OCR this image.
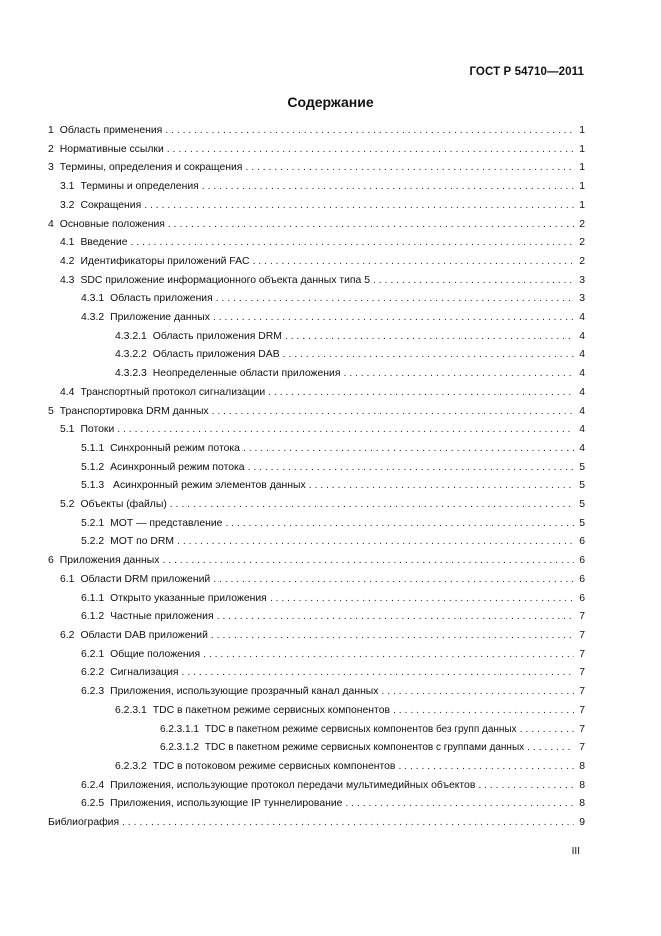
ГОСТ Р 54710—2011
Содержание
1 Область применения . . .	1
2 Нормативные ссылки . . .	1
3 Термины, определения и сокращения . . .	1
3.1 Термины и определения . . .	1
3.2 Сокращения . . .	1
4 Основные положения . . .	2
4.1 Введение . . .	2
4.2 Идентификаторы приложений FAC . . .	2
4.3 SDC приложение информационного объекта данных типа 5 . . .	3
4.3.1 Область приложения . . .	3
4.3.2 Приложение данных . . .	4
4.3.2.1 Область приложения DRM . . .	4
4.3.2.2 Область приложения DAB . . .	4
4.3.2.3 Неопределенные области приложения . . .	4
4.4 Транспортный протокол сигнализации . . .	4
5 Транспортировка DRM данных . . .	4
5.1 Потоки . . .	4
5.1.1 Синхронный режим потока . . .	4
5.1.2 Асинхронный режим потока . . .	5
5.1.3 Асинхронный режим элементов данных . . .	5
5.2 Объекты (файлы) . . .	5
5.2.1 МОТ — представление . . .	5
5.2.2 МОТ по DRM . . .	6
6 Приложения данных . . .	6
6.1 Области DRM приложений . . .	6
6.1.1 Открыто указанные приложения . . .	6
6.1.2 Частные приложения . . .	7
6.2 Области DAB приложений . . .	7
6.2.1 Общие положения . . .	7
6.2.2 Сигнализация . . .	7
6.2.3 Приложения, использующие прозрачный канал данных . . .	7
6.2.3.1 TDC в пакетном режиме сервисных компонентов . . .	7
6.2.3.1.1 TDC в пакетном режиме сервисных компонентов без групп данных . . .	7
6.2.3.1.2 TDC в пакетном режиме сервисных компонентов с группами данных . . .	7
6.2.3.2 TDC в потоковом режиме сервисных компонентов . . .	8
6.2.4 Приложения, использующие протокол передачи мультимедийных объектов . . .	8
6.2.5 Приложения, использующие IP туннелирование . . .	8
Библиография . . .	9
III
